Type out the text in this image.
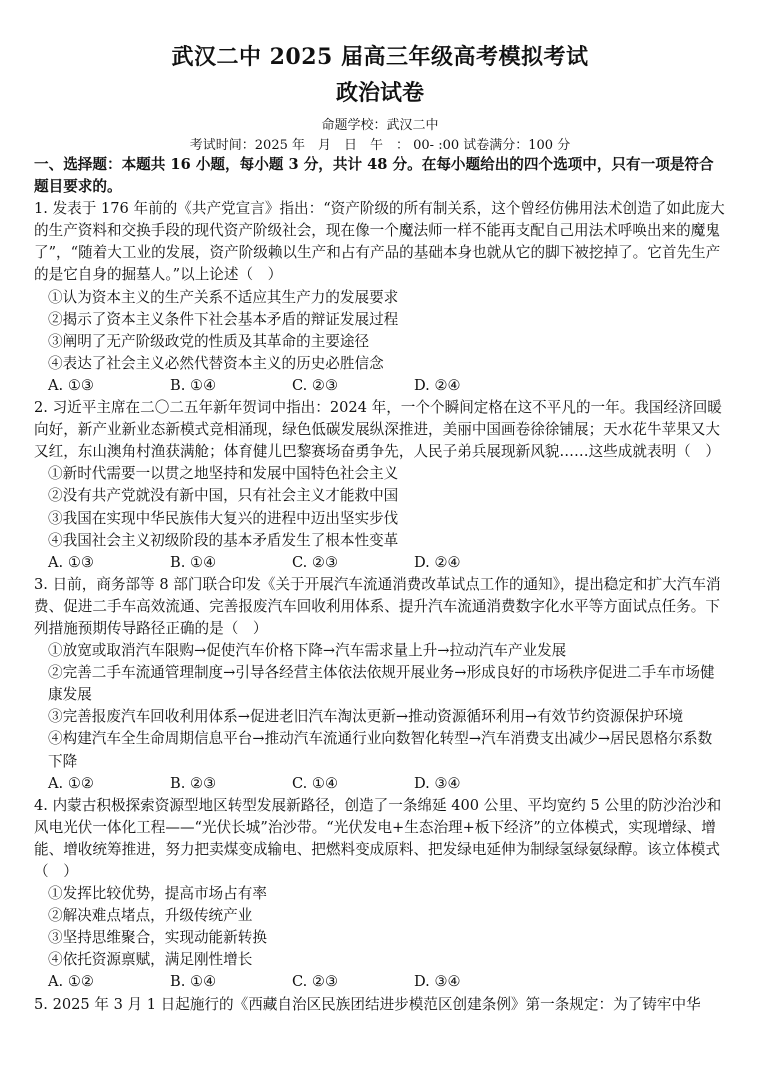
武汉二中 2025 届高三年级高考模拟考试
政治试卷
命题学校：武汉二中
考试时间：2025 年　月　日　午　： 00- :00 试卷满分：100 分

一、选择题：本题共 16 小题，每小题 3 分，共计 48 分。在每小题给出的四个选项中，只有一项是符合题目要求的。

1. 发表于 176 年前的《共产党宣言》指出：“资产阶级的所有制关系，这个曾经仿佛用法术创造了如此庞大的生产资料和交换手段的现代资产阶级社会，现在像一个魔法师一样不能再支配自己用法术呼唤出来的魔鬼了”，“随着大工业的发展，资产阶级赖以生产和占有产品的基础本身也就从它的脚下被挖掉了。它首先生产的是它自身的掘墓人。”以上论述（　）

①认为资本主义的生产关系不适应其生产力的发展要求

②揭示了资本主义条件下社会基本矛盾的辩证发展过程

③阐明了无产阶级政党的性质及其革命的主要途径

④表达了社会主义必然代替资本主义的历史必胜信念

A. ①③	B. ①④	C. ②③	D. ②④

2. 习近平主席在二〇二五年新年贺词中指出：2024 年，一个个瞬间定格在这不平凡的一年。我国经济回暖向好，新产业新业态新模式竞相涌现，绿色低碳发展纵深推进，美丽中国画卷徐徐铺展；天水花牛苹果又大又红，东山澳角村渔获满舱；体育健儿巴黎赛场奋勇争先，人民子弟兵展现新风貌……这些成就表明（　）

①新时代需要一以贯之地坚持和发展中国特色社会主义

②没有共产党就没有新中国，只有社会主义才能救中国

③我国在实现中华民族伟大复兴的进程中迈出坚实步伐

④我国社会主义初级阶段的基本矛盾发生了根本性变革

A. ①③	B. ①④	C. ②③	D. ②④

3. 日前，商务部等 8 部门联合印发《关于开展汽车流通消费改革试点工作的通知》，提出稳定和扩大汽车消费、促进二手车高效流通、完善报废汽车回收利用体系、提升汽车流通消费数字化水平等方面试点任务。下列措施预期传导路径正确的是（　）

①放宽或取消汽车限购→促使汽车价格下降→汽车需求量上升→拉动汽车产业发展

②完善二手车流通管理制度→引导各经营主体依法依规开展业务→形成良好的市场秩序促进二手车市场健康发展

③完善报废汽车回收利用体系→促进老旧汽车淘汰更新→推动资源循环利用→有效节约资源保护环境

④构建汽车全生命周期信息平台→推动汽车流通行业向数智化转型→汽车消费支出减少→居民恩格尔系数下降

A. ①②	B. ②③	C. ①④	D. ③④

4. 内蒙古积极探索资源型地区转型发展新路径，创造了一条绵延 400 公里、平均宽约 5 公里的防沙治沙和风电光伏一体化工程——“光伏长城”治沙带。“光伏发电+生态治理+板下经济”的立体模式，实现增绿、增能、增收统筹推进，努力把卖煤变成输电、把燃料变成原料、把发绿电延伸为制绿氢绿氨绿醇。该立体模式（　）

①发挥比较优势，提高市场占有率

②解决难点堵点，升级传统产业

③坚持思维聚合，实现动能新转换

④依托资源禀赋，满足刚性增长

A. ①②	B. ①④	C. ②③	D. ③④

5. 2025 年 3 月 1 日起施行的《西藏自治区民族团结进步模范区创建条例》第一条规定：为了铸牢中华
